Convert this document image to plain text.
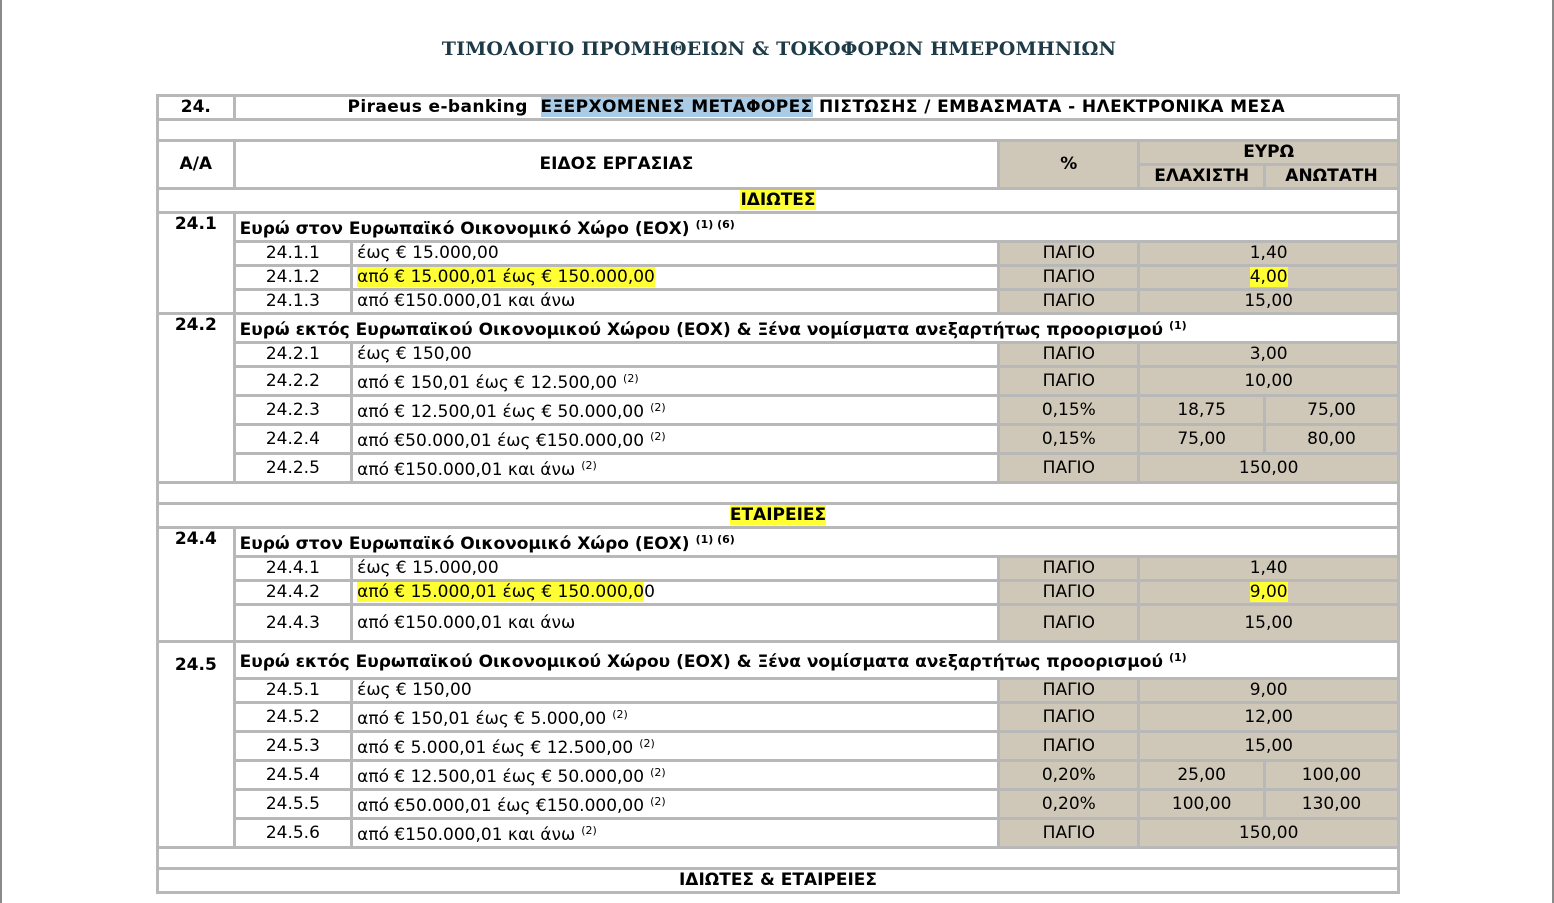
ΤΙΜΟΛΟΓΙΟ ΠΡΟΜΗΘΕΙΩΝ & ΤΟΚΟΦΟΡΩΝ ΗΜΕΡΟΜΗΝΙΩΝ
24.	Piraeus e-banking ΕΞΕΡΧΟΜΕΝΕΣ ΜΕΤΑΦΟΡΕΣ ΠΙΣΤΩΣΗΣ / ΕΜΒΑΣΜΑΤΑ - ΗΛΕΚΤΡΟΝΙΚΑ ΜΕΣΑ				

Α/Α	ΕΙΔΟΣ ΕΡΓΑΣΙΑΣ		%	ΕΥΡΩ	
				ΕΛΑΧΙΣΤΗ	ΑΝΩΤΑΤΗ
ΙΔΙΩΤΕΣ					
24.1	Ευρώ στον Ευρωπαϊκό Οικονομικό Χώρο (ΕΟΧ) $^{(1) (6)}$
	24.1.1	έως € 15.000,00	ΠΑΓΙΟ	1,40	
	24.1.2	από € 15.000,01 έως € 150.000,00	ΠΑΓΙΟ	4,00	
	24.1.3	από €150.000,01 και άνω	ΠΑΓΙΟ	15,00	
24.2	Ευρώ εκτός Ευρωπαϊκού Οικονομικού Χώρου (ΕΟΧ) & Ξένα νομίσματα ανεξαρτήτως προορισμού $^{(1)}$
	24.2.1	έως € 150,00	ΠΑΓΙΟ	3,00	
	24.2.2	από € 150,01 έως € 12.500,00 $^{(2)}$	ΠΑΓΙΟ	10,00	
	24.2.3	από € 12.500,01 έως € 50.000,00 $^{(2)}$	0,15%	18,75	75,00
	24.2.4	από €50.000,01 έως €150.000,00 $^{(2)}$	0,15%	75,00	80,00
	24.2.5	από €150.000,01 και άνω $^{(2)}$	ΠΑΓΙΟ	150,00	

ΕΤΑΙΡΕΙΕΣ					
24.4	Ευρώ στον Ευρωπαϊκό Οικονομικό Χώρο (ΕΟΧ) $^{(1) (6)}$
	24.4.1	έως € 15.000,00	ΠΑΓΙΟ	1,40	
	24.4.2	από € 15.000,01 έως € 150.000,00	ΠΑΓΙΟ	9,00	
	24.4.3	από €150.000,01 και άνω	ΠΑΓΙΟ	15,00	
24.5	Ευρώ εκτός Ευρωπαϊκού Οικονομικού Χώρου (ΕΟΧ) & Ξένα νομίσματα ανεξαρτήτως προορισμού $^{(1)}$
	24.5.1	έως € 150,00	ΠΑΓΙΟ	9,00	
	24.5.2	από € 150,01 έως € 5.000,00 $^{(2)}$	ΠΑΓΙΟ	12,00	
	24.5.3	από € 5.000,01 έως € 12.500,00 $^{(2)}$	ΠΑΓΙΟ	15,00	
	24.5.4	από € 12.500,01 έως € 50.000,00 $^{(2)}$	0,20%	25,00	100,00
	24.5.5	από €50.000,01 έως €150.000,00 $^{(2)}$	0,20%	100,00	130,00
	24.5.6	από €150.000,01 και άνω $^{(2)}$	ΠΑΓΙΟ	150,00	

ΙΔΙΩΤΕΣ & ΕΤΑΙΡΕΙΕΣ					
